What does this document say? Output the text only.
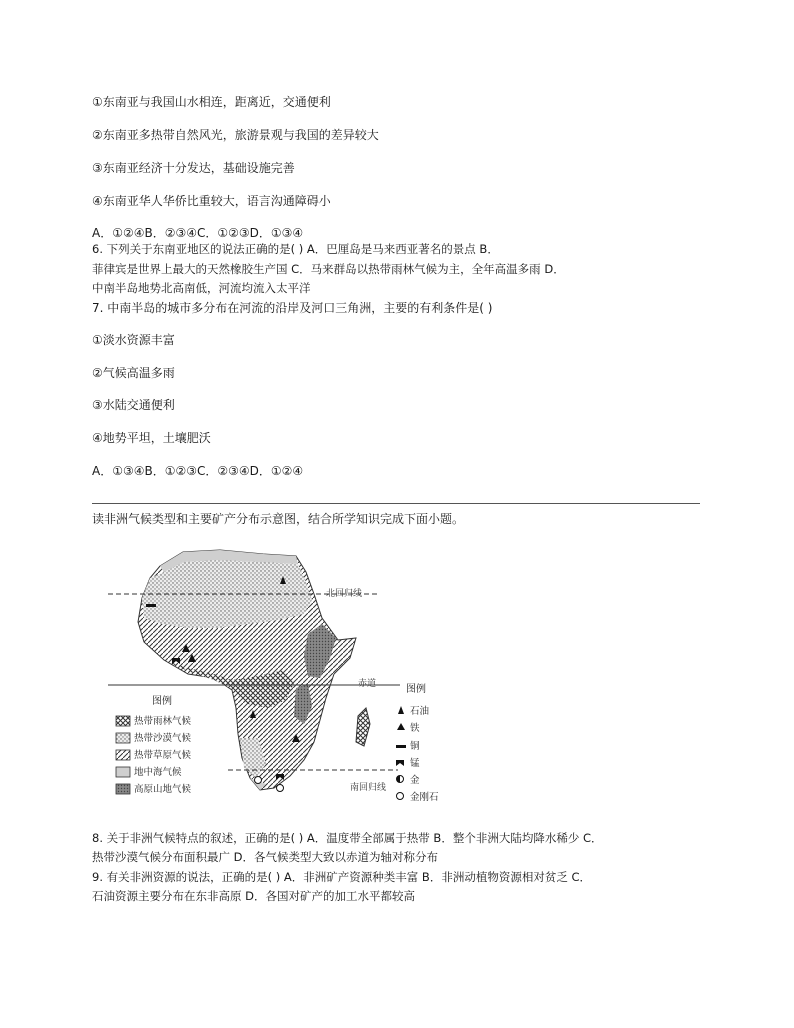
①东南亚与我国山水相连，距离近，交通便利
②东南亚多热带自然风光，旅游景观与我国的差异较大
③东南亚经济十分发达，基础设施完善
④东南亚华人华侨比重较大，语言沟通障碍小
A．①②④B．②③④C．①②③D．①③④
6. 下列关于东南亚地区的说法正确的是( ) A．巴厘岛是马来西亚著名的景点 B．
菲律宾是世界上最大的天然橡胶生产国 C．马来群岛以热带雨林气候为主，全年高温多雨 D．
中南半岛地势北高南低，河流均流入太平洋
7. 中南半岛的城市多分布在河流的沿岸及河口三角洲，主要的有利条件是( )
①淡水资源丰富
②气候高温多雨
③水陆交通便利
④地势平坦，土壤肥沃
A．①③④B．①②③C．②③④D．①②④
读非洲气候类型和主要矿产分布示意图，结合所学知识完成下面小题。
北回归线
赤道
南回归线
图例
热带雨林气候
热带沙漠气候
热带草原气候
地中海气候
高原山地气候
图例
石油
铁
铜
锰
金
金刚石
8. 关于非洲气候特点的叙述，正确的是( ) A．温度带全部属于热带 B．整个非洲大陆均降水稀少 C．
热带沙漠气候分布面积最广 D．各气候类型大致以赤道为轴对称分布
9. 有关非洲资源的说法，正确的是( ) A．非洲矿产资源种类丰富 B．非洲动植物资源相对贫乏 C．
石油资源主要分布在东非高原 D．各国对矿产的加工水平都较高
